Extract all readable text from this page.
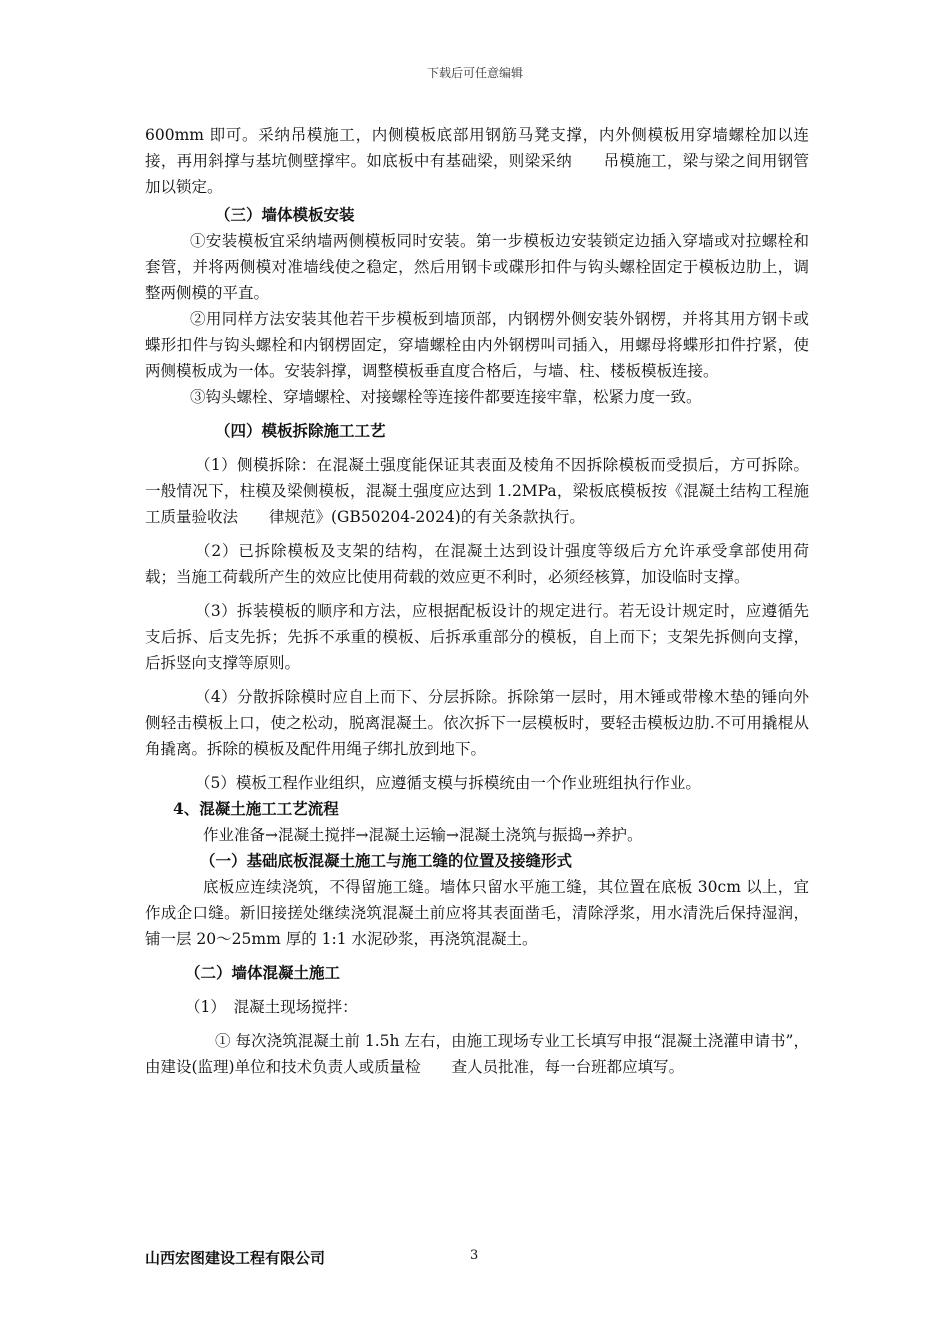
下载后可任意编辑

600mm 即可。采纳吊模施工，内侧模板底部用钢筋马凳支撑，内外侧模板用穿墙螺栓加以连接，再用斜撑与基坑侧壁撑牢。如底板中有基础梁，则梁采纳　　吊模施工，梁与梁之间用钢管加以锁定。

（三）墙体模板安装

①安装模板宜采纳墙两侧模板同时安装。第一步模板边安装锁定边插入穿墙或对拉螺栓和套管，并将两侧模对准墙线使之稳定，然后用钢卡或碟形扣件与钩头螺栓固定于模板边肋上，调整两侧模的平直。

②用同样方法安装其他若干步模板到墙顶部，内钢楞外侧安装外钢楞，并将其用方钢卡或蝶形扣件与钩头螺栓和内钢楞固定，穿墙螺栓由内外钢楞叫司插入，用螺母将蝶形扣件拧紧，使两侧模板成为一体。安装斜撑，调整模板垂直度合格后，与墙、柱、楼板模板连接。

③钩头螺栓、穿墙螺栓、对接螺栓等连接件都要连接牢靠，松紧力度一致。

（四）模板拆除施工工艺

（1）侧模拆除：在混凝土强度能保证其表面及棱角不因拆除模板而受损后，方可拆除。一般情况下，柱模及梁侧模板，混凝土强度应达到 1.2MPa，梁板底模板按《混凝土结构工程施工质量验收法　　律规范》(GB50204-2024)的有关条款执行。

（2）已拆除模板及支架的结构，在混凝土达到设计强度等级后方允许承受拿部使用荷载；当施工荷载所产生的效应比使用荷载的效应更不利时，必须经核算，加设临时支撑。

（3）拆装模板的顺序和方法，应根据配板设计的规定进行。若无设计规定时，应遵循先支后拆、后支先拆；先拆不承重的模板、后拆承重部分的模板，自上而下；支架先拆侧向支撑，后拆竖向支撑等原则。

（4）分散拆除模时应自上而下、分层拆除。拆除第一层时，用木锤或带橡木垫的锤向外侧轻击模板上口，使之松动，脱离混凝土。依次拆下一层模板时，要轻击模板边肋.不可用撬棍从角撬离。拆除的模板及配件用绳子绑扎放到地下。

（5）模板工程作业组织，应遵循支模与拆模统由一个作业班组执行作业。

4、混凝土施工工艺流程

作业准备→混凝土搅拌→混凝土运输→混凝土浇筑与振捣→养护。

（一）基础底板混凝土施工与施工缝的位置及接缝形式

底板应连续浇筑，不得留施工缝。墙体只留水平施工缝，其位置在底板 30cm 以上，宜作成企口缝。新旧接搓处继续浇筑混凝土前应将其表面凿毛，清除浮浆，用水清洗后保持湿润，铺一层 20～25mm 厚的 1:1 水泥砂浆，再浇筑混凝土。

（二）墙体混凝土施工

（1）　混凝土现场搅拌：

① 每次浇筑混凝土前 1.5h 左右，由施工现场专业工长填写申报“混凝土浇灌申请书”，由建设(监理)单位和技术负责人或质量检　　查人员批准，每一台班都应填写。

山西宏图建设工程有限公司	3
